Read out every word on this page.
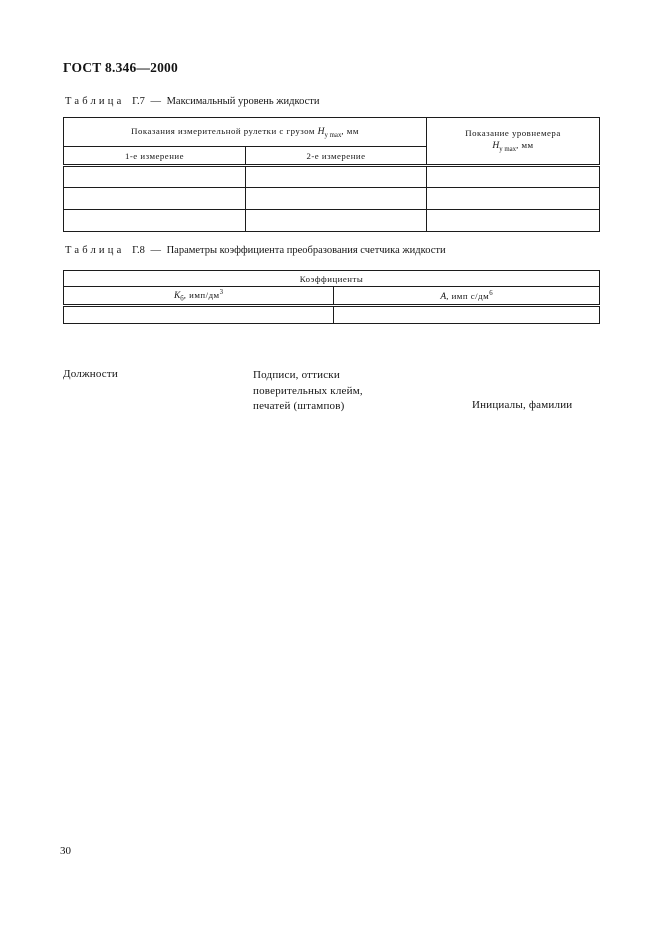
ГОСТ 8.346—2000
Таблица Г.7 — Максимальный уровень жидкости
Показания измерительной рулетки с грузом $Н_{у max}$, мм		Показание уровнемера
$Н_{у max}$, мм

1-е измерение	2-е измерение	

Таблица Г.8 — Параметры коэффициента преобразования счетчика жидкости
Коэффициенты	
$К_б$, имп/$дм^3$	А, имп $с/дм^6$

Должности	Подписи, оттиски
поверительных клейм,
печатей (штампов)	Инициалы, фамилии
30
